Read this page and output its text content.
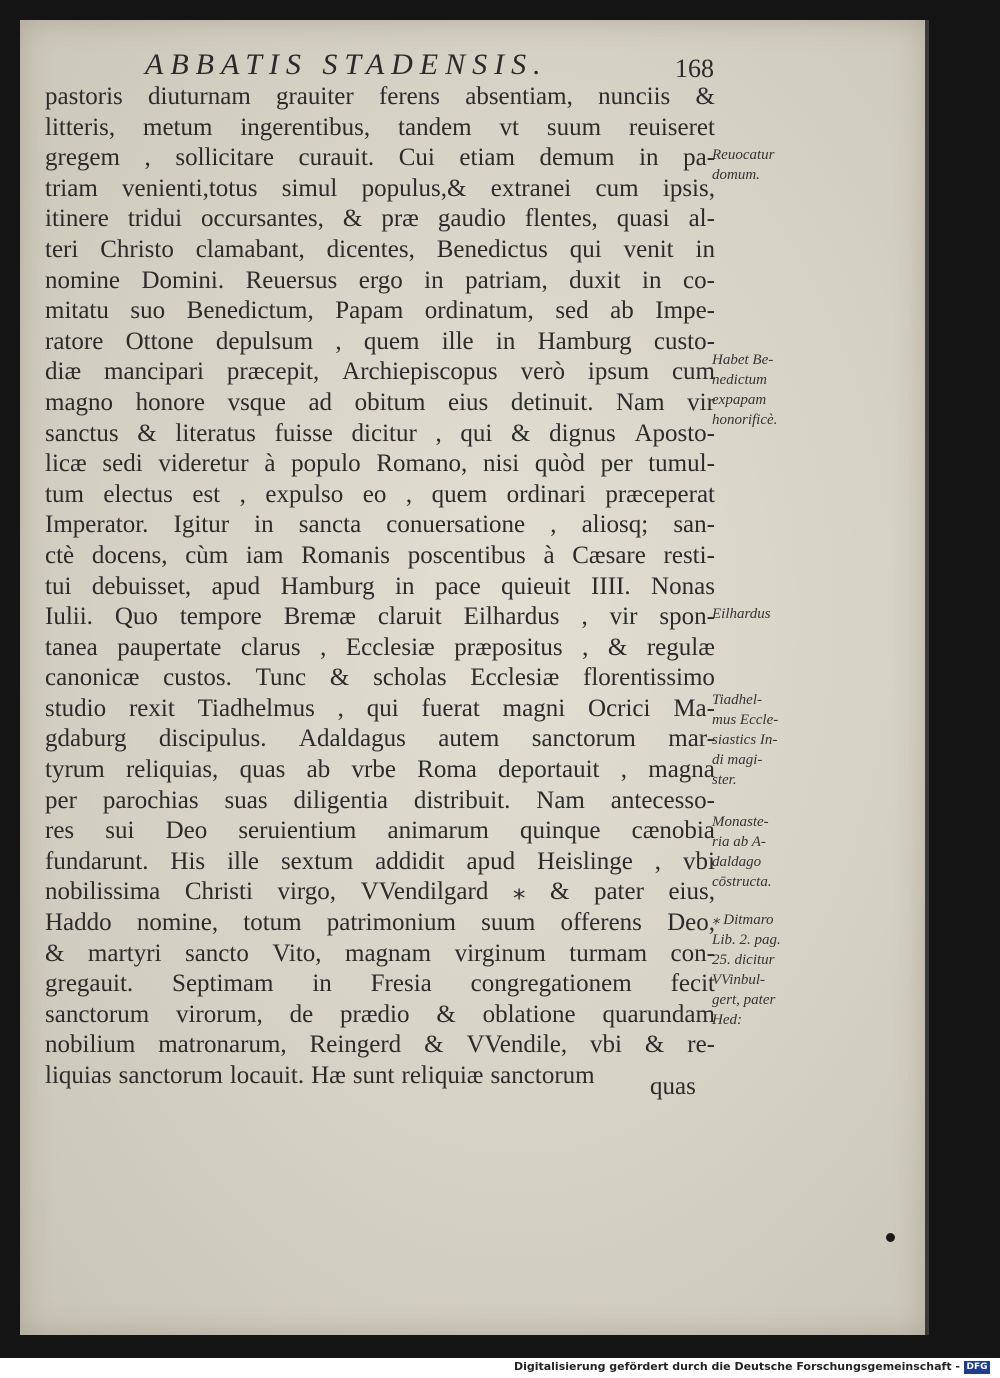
ABBATIS STADENSIS.	168
pastoris diuturnam grauiter ferens absentiam, nunciis &
litteris, metum ingerentibus, tandem vt suum reuiseret
gregem , sollicitare curauit. Cui etiam demum in pa-
triam venienti,totus simul populus,& extranei cum ipsis,
itinere tridui occursantes, & præ gaudio flentes, quasi al-
teri Christo clamabant, dicentes, Benedictus qui venit in
nomine Domini. Reuersus ergo in patriam, duxit in co-
mitatu suo Benedictum, Papam ordinatum, sed ab Impe-
ratore Ottone depulsum , quem ille in Hamburg custo-
diæ mancipari præcepit, Archiepiscopus verò ipsum cum
magno honore vsque ad obitum eius detinuit. Nam vir
sanctus & literatus fuisse dicitur , qui & dignus Aposto-
licæ sedi videretur à populo Romano, nisi quòd per tumul-
tum electus est , expulso eo , quem ordinari præceperat
Imperator. Igitur in sancta conuersatione , aliosq; san-
ctè docens, cùm iam Romanis poscentibus à Cæsare resti-
tui debuisset, apud Hamburg in pace quieuit IIII. Nonas
Iulii. Quo tempore Bremæ claruit Eilhardus , vir spon-
tanea paupertate clarus , Ecclesiæ præpositus , & regulæ
canonicæ custos. Tunc & scholas Ecclesiæ florentissimo
studio rexit Tiadhelmus , qui fuerat magni Ocrici Ma-
gdaburg discipulus. Adaldagus autem sanctorum mar-
tyrum reliquias, quas ab vrbe Roma deportauit , magna
per parochias suas diligentia distribuit. Nam antecesso-
res sui Deo seruientium animarum quinque cænobia
fundarunt. His ille sextum addidit apud Heislinge , vbi
nobilissima Christi virgo, VVendilgard ⁎ & pater eius,
Haddo nomine, totum patrimonium suum offerens Deo,
& martyri sancto Vito, magnam virginum turmam con-
gregauit. Septimam in Fresia congregationem fecit
sanctorum virorum, de prædio & oblatione quarundam
nobilium matronarum, Reingerd & VVendile, vbi & re-
liquias sanctorum locauit. Hæ sunt reliquiæ sanctorum quas
Reuocatur
domum.
Habet Be-
nedictum
expapam
honorificè.
Eilhardus
Tiadhel-
mus Eccle-
siastics In-
di magi-
ster.
Monaste-
ria ab A-
daldago
cōstructa.
⁎ Ditmaro
Lib. 2. pag.
25. dicitur
VVinbul-
gert, pater
Hed:
Digitalisierung gefördert durch die Deutsche Forschungsgemeinschaft - DFG
